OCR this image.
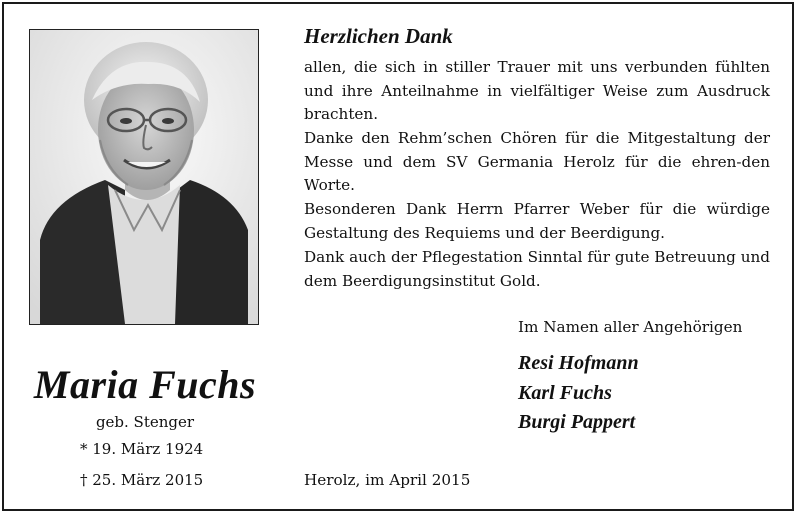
Maria Fuchs
geb. Stenger
* 19. März 1924
† 25. März 2015
Herzlichen Dank
allen, die sich in stiller Trauer mit uns verbunden fühlten und ihre Anteilnahme in vielfältiger Weise zum Ausdruck brachten.
Danke den Rehm’schen Chören für die Mitgestaltung der Messe und dem SV Germania Herolz für die ehren-den Worte.
Besonderen Dank Herrn Pfarrer Weber für die würdige Gestaltung des Requiems und der Beerdigung.
Dank auch der Pflegestation Sinntal für gute Betreuung und dem Beerdigungsinstitut Gold.
Im Namen aller Angehörigen
Resi Hofmann
Karl Fuchs
Burgi Pappert
Herolz, im April 2015
